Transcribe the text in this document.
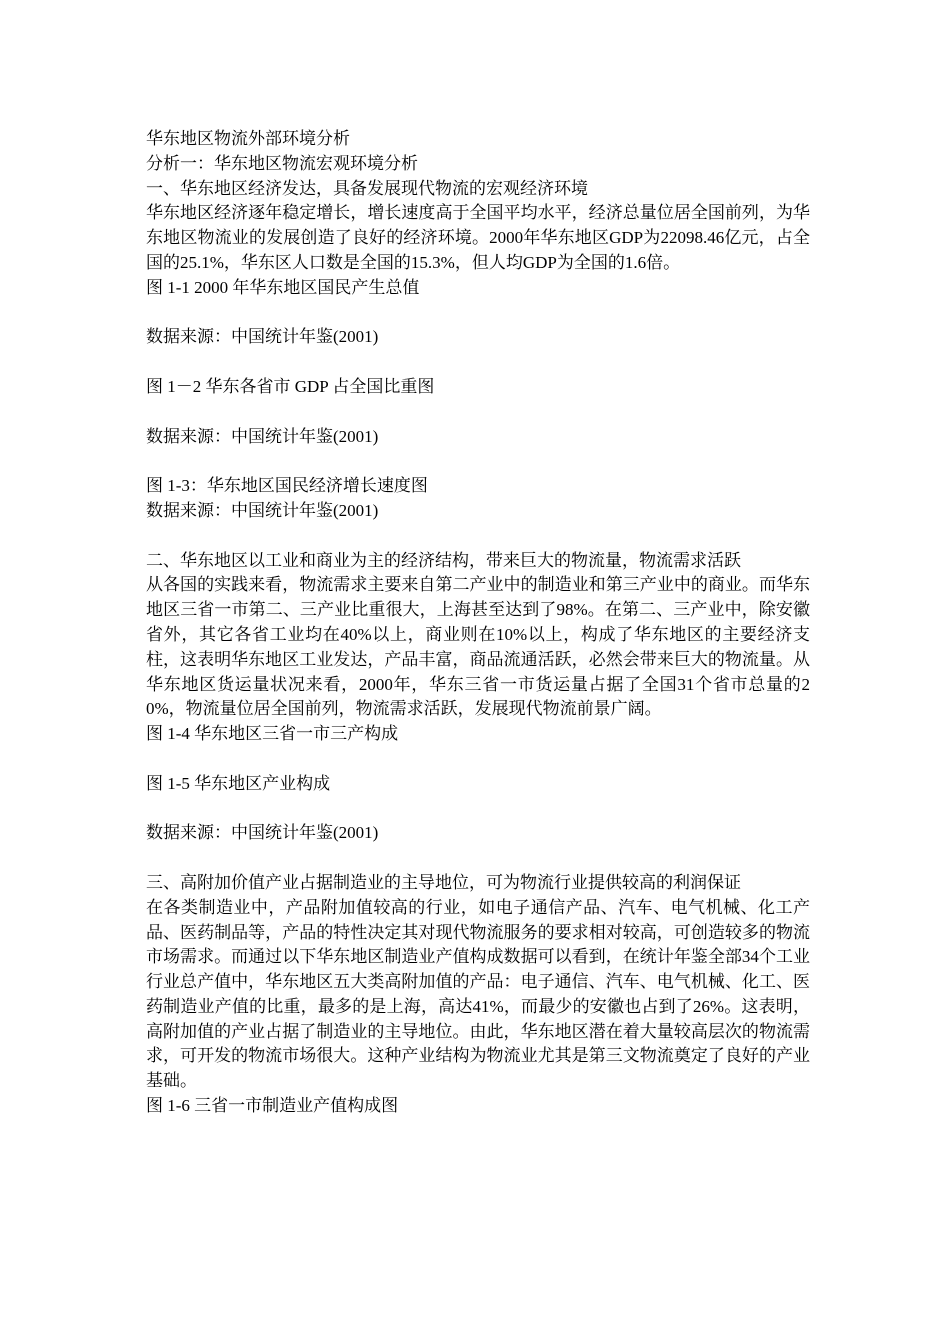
华东地区物流外部环境分析

分析一：华东地区物流宏观环境分析

一、华东地区经济发达，具备发展现代物流的宏观经济环境

华东地区经济逐年稳定增长，增长速度高于全国平均水平，经济总量位居全国前列，为华东地区物流业的发展创造了良好的经济环境。2000年华东地区GDP为22098.46亿元，占全国的25.1%，华东区人口数是全国的15.3%，但人均GDP为全国的1.6倍。

图 1-1 2000 年华东地区国民产生总值

数据来源：中国统计年鉴(2001)

图 1－2 华东各省市 GDP 占全国比重图

数据来源：中国统计年鉴(2001)

图 1-3：华东地区国民经济增长速度图

数据来源：中国统计年鉴(2001)

二、华东地区以工业和商业为主的经济结构，带来巨大的物流量，物流需求活跃

从各国的实践来看，物流需求主要来自第二产业中的制造业和第三产业中的商业。而华东地区三省一市第二、三产业比重很大，上海甚至达到了98%。在第二、三产业中，除安徽省外，其它各省工业均在40%以上，商业则在10%以上，构成了华东地区的主要经济支柱，这表明华东地区工业发达，产品丰富，商品流通活跃，必然会带来巨大的物流量。从华东地区货运量状况来看，2000年，华东三省一市货运量占据了全国31个省市总量的20%，物流量位居全国前列，物流需求活跃，发展现代物流前景广阔。

图 1-4 华东地区三省一市三产构成

图 1-5 华东地区产业构成

数据来源：中国统计年鉴(2001)

三、高附加价值产业占据制造业的主导地位，可为物流行业提供较高的利润保证

在各类制造业中，产品附加值较高的行业，如电子通信产品、汽车、电气机械、化工产品、医药制品等，产品的特性决定其对现代物流服务的要求相对较高，可创造较多的物流市场需求。而通过以下华东地区制造业产值构成数据可以看到，在统计年鉴全部34个工业行业总产值中，华东地区五大类高附加值的产品：电子通信、汽车、电气机械、化工、医药制造业产值的比重，最多的是上海，高达41%，而最少的安徽也占到了26%。这表明，高附加值的产业占据了制造业的主导地位。由此，华东地区潜在着大量较高层次的物流需求，可开发的物流市场很大。这种产业结构为物流业尤其是第三文物流奠定了良好的产业基础。

图 1-6 三省一市制造业产值构成图
